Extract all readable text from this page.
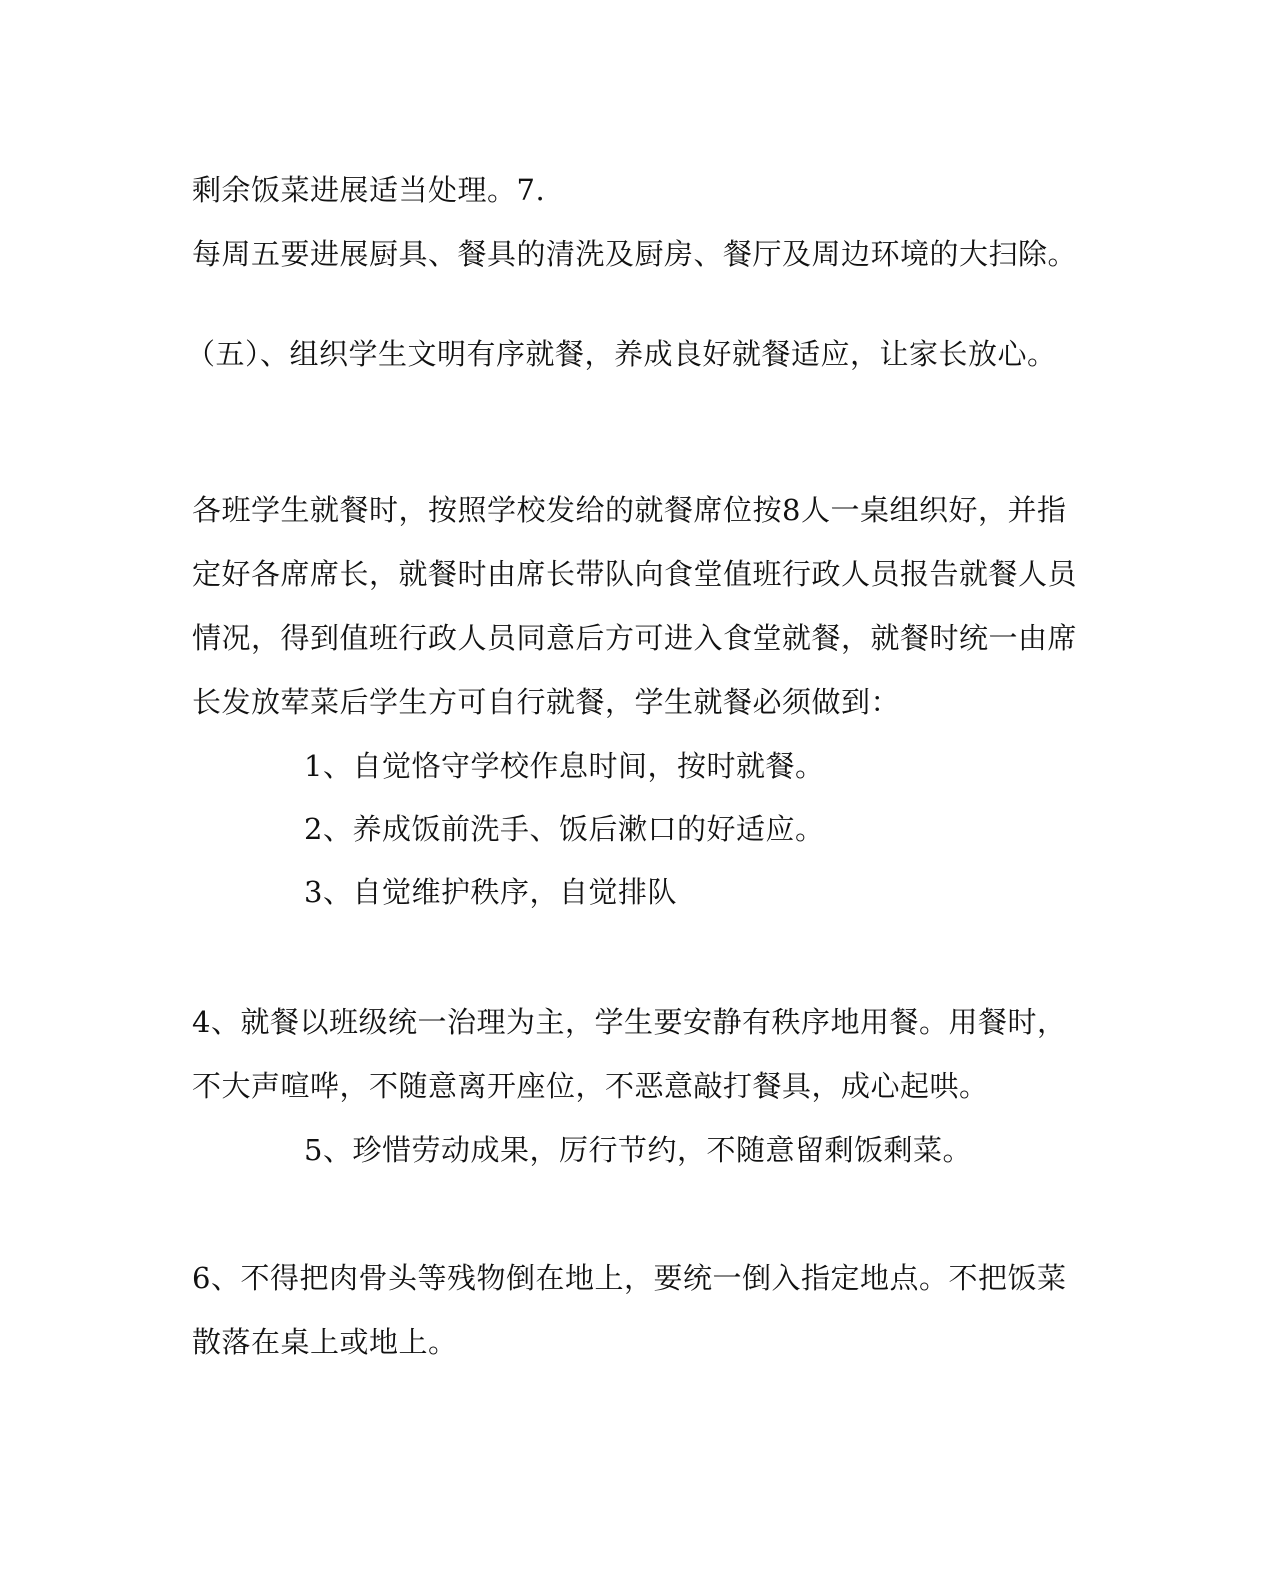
剩余饭菜进展适当处理。7.
每周五要进展厨具、餐具的清洗及厨房、餐厅及周边环境的大扫除。
（五）、组织学生文明有序就餐，养成良好就餐适应，让家长放心。
各班学生就餐时，按照学校发给的就餐席位按8人一桌组织好，并指
定好各席席长，就餐时由席长带队向食堂值班行政人员报告就餐人员
情况，得到值班行政人员同意后方可进入食堂就餐，就餐时统一由席
长发放荤菜后学生方可自行就餐，学生就餐必须做到：
1、自觉恪守学校作息时间，按时就餐。
2、养成饭前洗手、饭后漱口的好适应。
3、自觉维护秩序，自觉排队
4、就餐以班级统一治理为主，学生要安静有秩序地用餐。用餐时，
不大声喧哗，不随意离开座位，不恶意敲打餐具，成心起哄。
5、珍惜劳动成果，厉行节约，不随意留剩饭剩菜。
6、不得把肉骨头等残物倒在地上，要统一倒入指定地点。不把饭菜
散落在桌上或地上。
